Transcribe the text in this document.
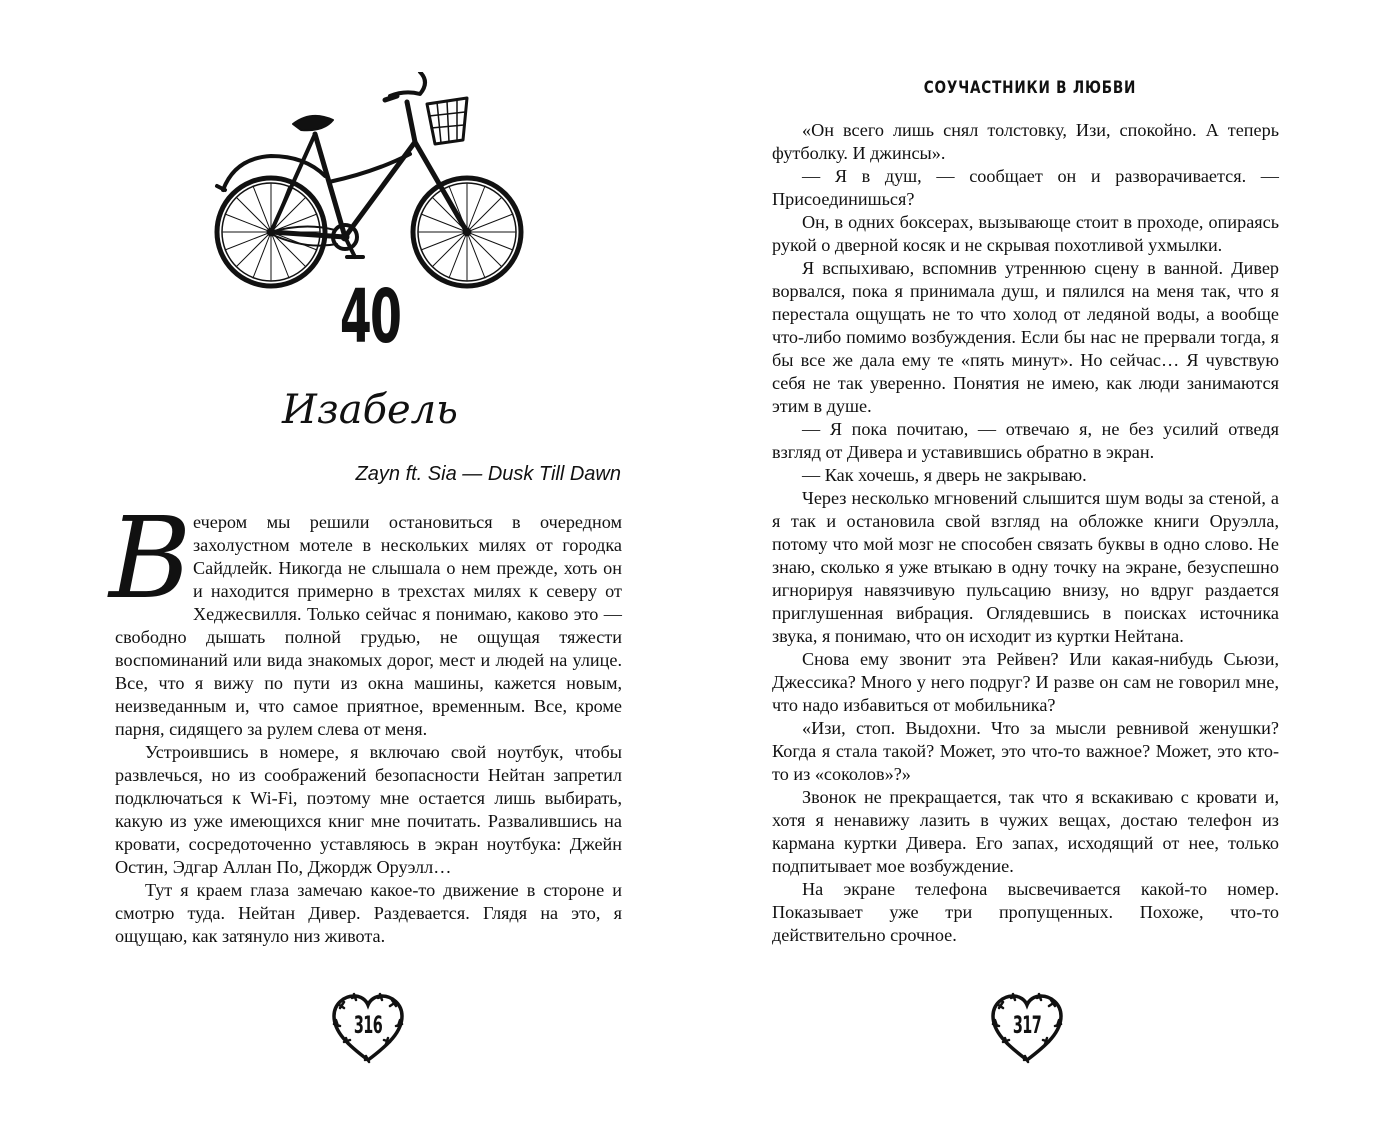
40
Изабель
Zayn ft. Sia — Dusk Till Dawn

Вечером мы решили остановиться в очередном захолустном мотеле в нескольких милях от городка Сайдлейк. Никогда не слышала о нем прежде, хоть он и находится примерно в трехстах милях к северу от Хеджесвилля. Только сейчас я понимаю, каково это — свободно дышать полной грудью, не ощущая тяжести воспоминаний или вида знакомых дорог, мест и людей на улице. Все, что я вижу по пути из окна машины, кажется новым, неизведанным и, что самое приятное, временным. Все, кроме парня, сидящего за рулем слева от меня.

Устроившись в номере, я включаю свой ноутбук, чтобы развлечься, но из соображений безопасности Нейтан запретил подключаться к Wi-Fi, поэтому мне остается лишь выбирать, какую из уже имеющихся книг мне почитать. Развалившись на кровати, сосредоточенно уставляюсь в экран ноутбука: Джейн Остин, Эдгар Аллан По, Джордж Оруэлл…

Тут я краем глаза замечаю какое-то движение в стороне и смотрю туда. Нейтан Дивер. Раздевается. Глядя на это, я ощущаю, как затянуло низ живота.

316
СОУЧАСТНИКИ В ЛЮБВИ

«Он всего лишь снял толстовку, Изи, спокойно. А теперь футболку. И джинсы».

— Я в душ, — сообщает он и разворачивается. — Присоединишься?

Он, в одних боксерах, вызывающе стоит в проходе, опираясь рукой о дверной косяк и не скрывая похотливой ухмылки.

Я вспыхиваю, вспомнив утреннюю сцену в ванной. Дивер ворвался, пока я принимала душ, и пялился на меня так, что я перестала ощущать не то что холод от ледяной воды, а вообще что-либо помимо возбуждения. Если бы нас не прервали тогда, я бы все же дала ему те «пять минут». Но сейчас… Я чувствую себя не так уверенно. Понятия не имею, как люди занимаются этим в душе.

— Я пока почитаю, — отвечаю я, не без усилий отведя взгляд от Дивера и уставившись обратно в экран.

— Как хочешь, я дверь не закрываю.

Через несколько мгновений слышится шум воды за стеной, а я так и остановила свой взгляд на обложке книги Оруэлла, потому что мой мозг не способен связать буквы в одно слово. Не знаю, сколько я уже втыкаю в одну точку на экране, безуспешно игнорируя навязчивую пульсацию внизу, но вдруг раздается приглушенная вибрация. Оглядевшись в поисках источника звука, я понимаю, что он исходит из куртки Нейтана.

Снова ему звонит эта Рейвен? Или какая-нибудь Сьюзи, Джессика? Много у него подруг? И разве он сам не говорил мне, что надо избавиться от мобильника?

«Изи, стоп. Выдохни. Что за мысли ревнивой женушки? Когда я стала такой? Может, это что-то важное? Может, это кто-то из «соколов»?»

Звонок не прекращается, так что я вскакиваю с кровати и, хотя я ненавижу лазить в чужих вещах, достаю телефон из кармана куртки Дивера. Его запах, исходящий от нее, только подпитывает мое возбуждение.

На экране телефона высвечивается какой-то номер. Показывает уже три пропущенных. Похоже, что-то действительно срочное.

317
